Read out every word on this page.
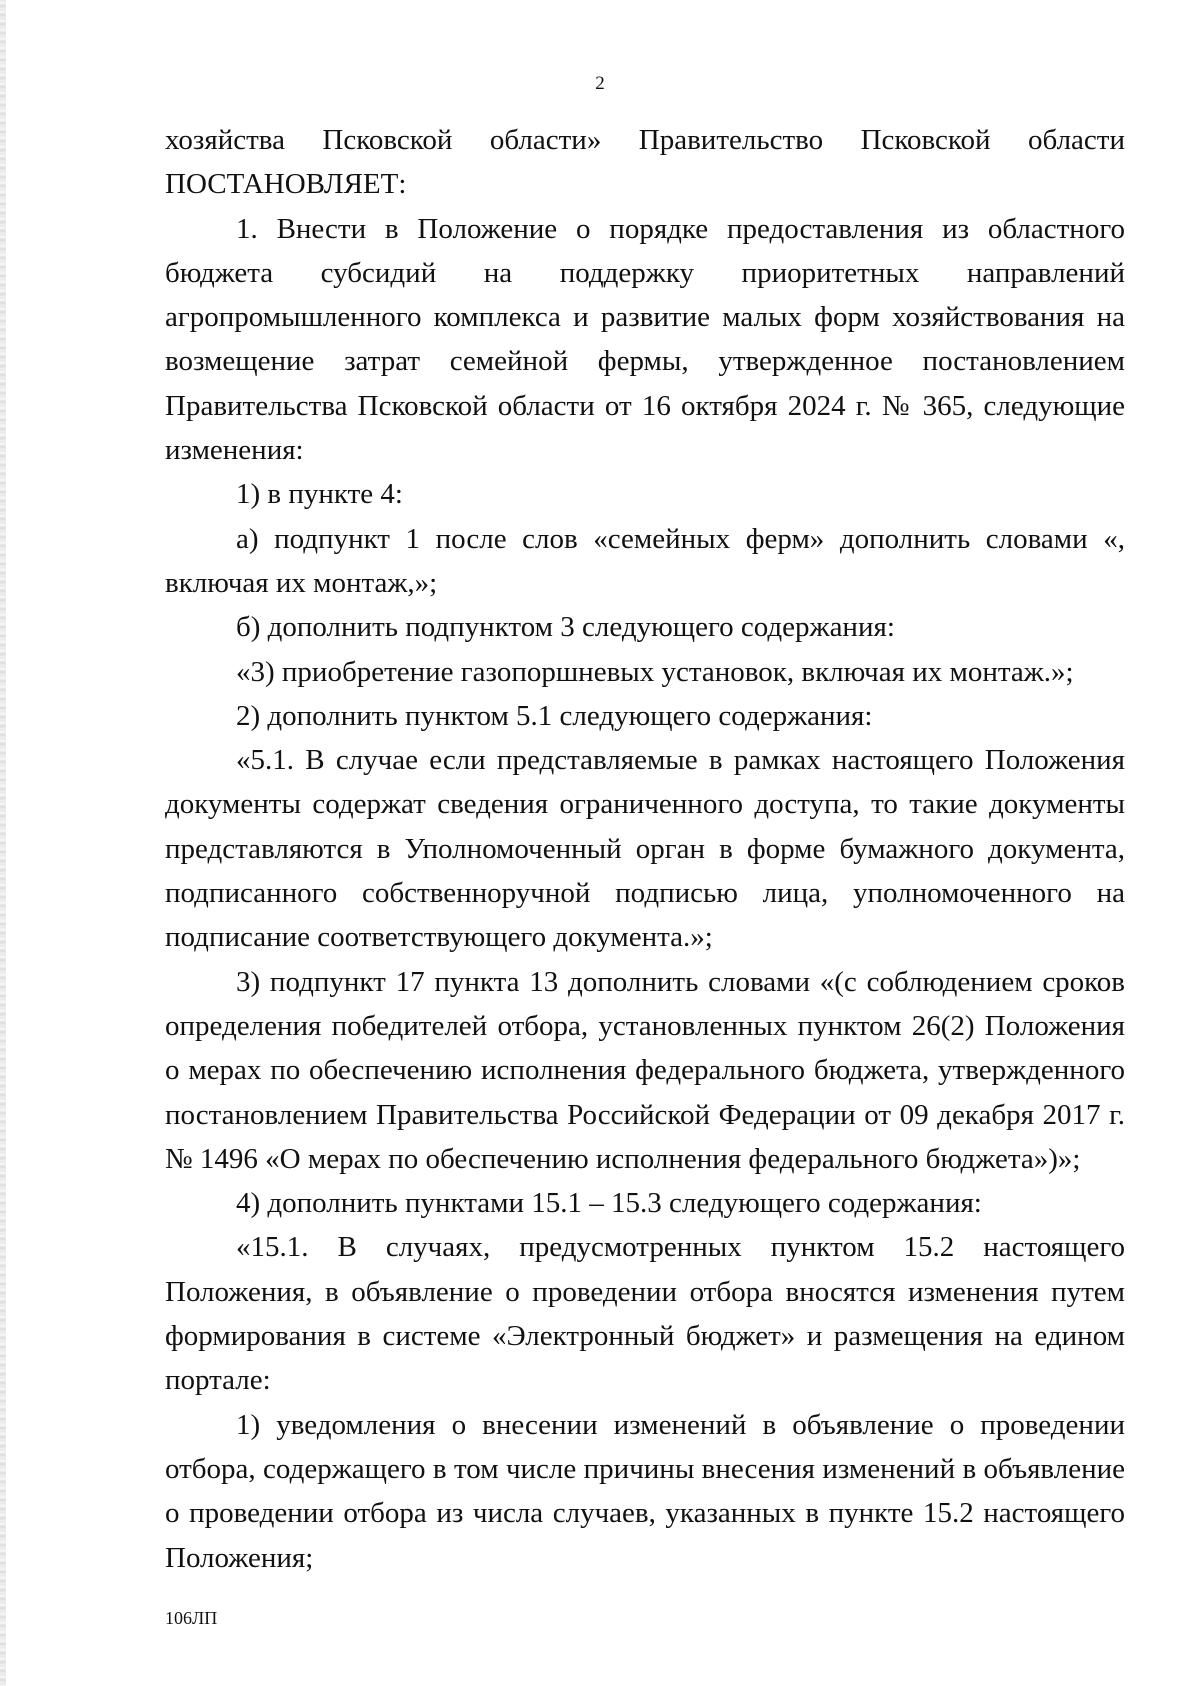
2

хозяйства Псковской области» Правительство Псковской области ПОСТАНОВЛЯЕТ:

1. Внести в Положение о порядке предоставления из областного бюджета субсидий на поддержку приоритетных направлений агропромышленного комплекса и развитие малых форм хозяйствования на возмещение затрат семейной фермы, утвержденное постановлением Правительства Псковской области от 16 октября 2024 г. № 365, следующие изменения:

1) в пункте 4:

а) подпункт 1 после слов «семейных ферм» дополнить словами «, включая их монтаж,»;

б) дополнить подпунктом 3 следующего содержания:

«3) приобретение газопоршневых установок, включая их монтаж.»;

2) дополнить пунктом 5.1 следующего содержания:

«5.1. В случае если представляемые в рамках настоящего Положения документы содержат сведения ограниченного доступа, то такие документы представляются в Уполномоченный орган в форме бумажного документа, подписанного собственноручной подписью лица, уполномоченного на подписание соответствующего документа.»;

3) подпункт 17 пункта 13 дополнить словами «(с соблюдением сроков определения победителей отбора, установленных пунктом 26(2) Положения о мерах по обеспечению исполнения федерального бюджета, утвержденного постановлением Правительства Российской Федерации от 09 декабря 2017 г. № 1496 «О мерах по обеспечению исполнения федерального бюджета»)»;

4) дополнить пунктами 15.1 – 15.3 следующего содержания:

«15.1. В случаях, предусмотренных пунктом 15.2 настоящего Положения, в объявление о проведении отбора вносятся изменения путем формирования в системе «Электронный бюджет» и размещения на едином портале:

1) уведомления о внесении изменений в объявление о проведении отбора, содержащего в том числе причины внесения изменений в объявление о проведении отбора из числа случаев, указанных в пункте 15.2 настоящего Положения;

106ЛП
